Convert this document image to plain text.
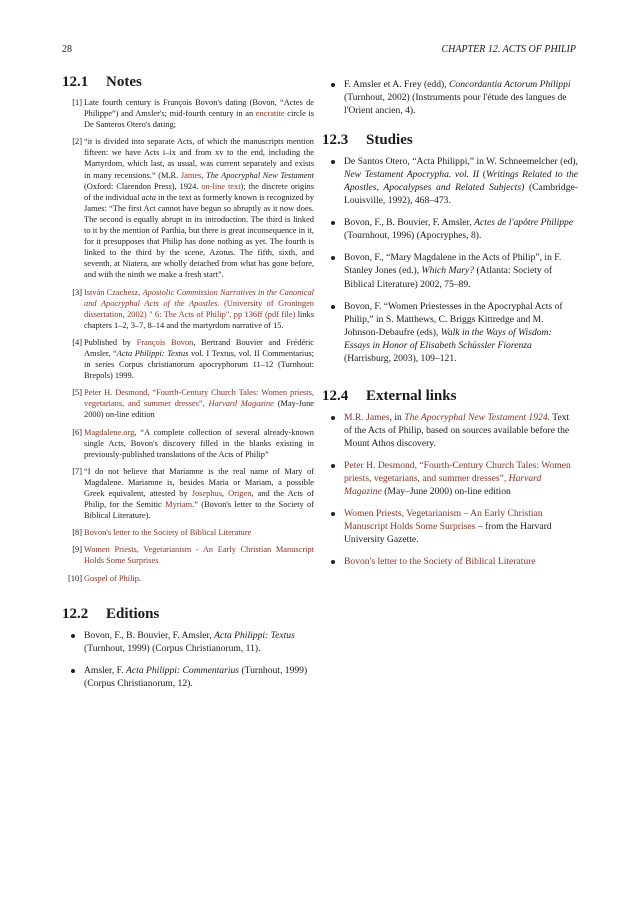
28	CHAPTER 12. ACTS OF PHILIP
12.1 Notes
[1] Late fourth century is François Bovon's dating (Bovon, “Actes de Philippe”) and Amsler's; mid-fourth century in an encratite circle is De Santeros Otero's dating;
[2] “it is divided into separate Acts, of which the manuscripts mention fifteen: we have Acts i–ix and from xv to the end, including the Martyrdom, which last, as usual, was current separately and exists in many recensions.” (M.R. James, The Apocryphal New Testament (Oxford: Clarendon Press), 1924. on-line text); the discrete origins of the individual acta in the text as formerly known is recognized by James: “The first Act cannot have begun so abruptly as it now does. The second is equally abrupt in its introduction. The third is linked to it by the mention of Parthia, but there is great inconsequence in it, for it presupposes that Philip has done nothing as yet. The fourth is linked to the third by the scene, Azotus. The fifth, sixth, and seventh, at Niatera, are wholly detached from what has gone before, and with the ninth we make a fresh start”.
[3] István Czachesz, Apostolic Commission Narratives in the Canonical and Apocryphal Acts of the Apostles. (University of Groningen dissertation, 2002) " 6: The Acts of Philip", pp 136ff (pdf file) links chapters 1–2, 3–7, 8–14 and the martyrdom narrative of 15.
[4] Published by François Bovon, Bertrand Bouvier and Frédéric Amsler, “Acta Philippi: Textus vol. I Textus, vol. II Commentarius; in series Corpus christianorum apocryphorum 11–12 (Turnhout: Brepols) 1999.
[5] Peter H. Desmond, “Fourth-Century Church Tales: Women priests, vegetarians, and summer dresses”, Harvard Magazine (May-June 2000) on-line edition
[6] Magdalene.org, “A complete collection of several already-known single Acts, Bovon's discovery filled in the blanks existing in previously-published translations of the Acts of Philip”
[7] “I do not believe that Mariamne is the real name of Mary of Magdalene. Mariamne is, besides Maria or Mariam, a possible Greek equivalent, attested by Josephus, Origen, and the Acts of Philip, for the Semitic Myriam.” (Bovon's letter to the Society of Biblical Literature).
[8] Bovon's letter to the Society of Biblical Literature
[9] Women Priests, Vegetarianism - An Early Christian Manuscript Holds Some Surprises
[10] Gospel of Philip.
12.2 Editions
Bovon, F., B. Bouvier, F. Amsler, Acta Philippi: Textus (Turnhout, 1999) (Corpus Christianorum, 11).
Amsler, F. Acta Philippi: Commentarius (Turnhout, 1999) (Corpus Christianorum, 12).
F. Amsler et A. Frey (edd), Concordantia Actorum Philippi (Turnhout, 2002) (Instruments pour l'étude des langues de l'Orient ancien, 4).
12.3 Studies
De Santos Otero, “Acta Philippi,” in W. Schneemelcher (ed), New Testament Apocrypha. vol. II (Writings Related to the Apostles, Apocalypses and Related Subjects) (Cambridge-Louisville, 1992), 468–473.
Bovon, F., B. Bouvier, F. Amsler, Actes de l'apôtre Philippe (Tournhout, 1996) (Apocryphes, 8).
Bovon, F., “Mary Magdalene in the Acts of Philip”, in F. Stanley Jones (ed.), Which Mary? (Atlanta: Society of Biblical Literature) 2002, 75–89.
Bovon, F. “Women Priestesses in the Apocryphal Acts of Philip,” in S. Matthews, C. Briggs Kittredge and M. Johnson-Debaufre (eds), Walk in the Ways of Wisdom: Essays in Honor of Elisabeth Schüssler Fiorenza (Harrisburg, 2003), 109–121.
12.4 External links
M.R. James, in The Apocryphal New Testament 1924. Text of the Acts of Philip, based on sources available before the Mount Athos discovery.
Peter H. Desmond, “Fourth-Century Church Tales: Women priests, vegetarians, and summer dresses”, Harvard Magazine (May–June 2000) on-line edition
Women Priests, Vegetarianism – An Early Christian Manuscript Holds Some Surprises – from the Harvard University Gazette.
Bovon's letter to the Society of Biblical Literature
